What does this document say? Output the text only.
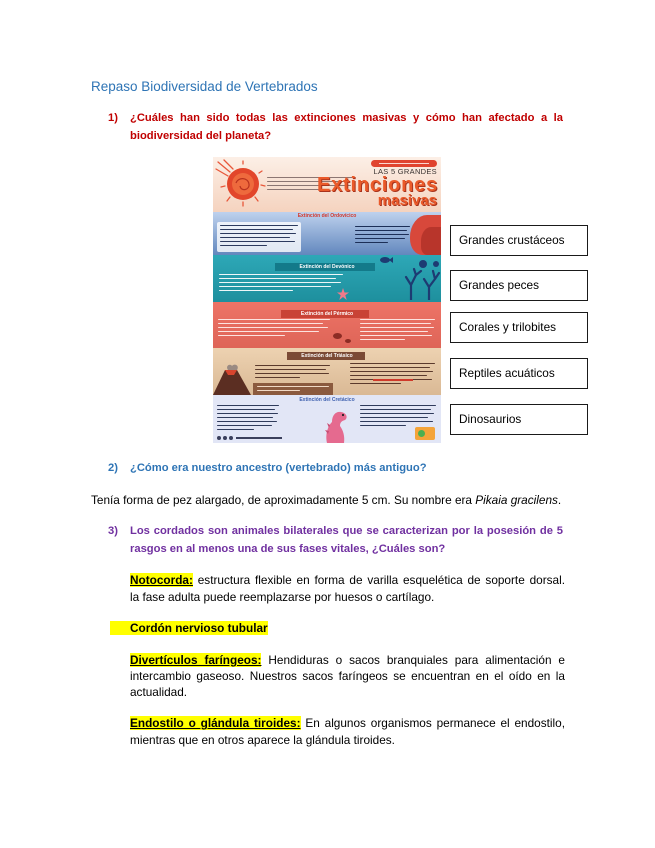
Repaso Biodiversidad de Vertebrados
1) ¿Cuáles han sido todas las extinciones masivas y cómo han afectado a la
biodiversidad del planeta?
LAS 5 GRANDES
Extinciones
masivas
Extinción del Ordovícico
Extinción del Devónico
Extinción del Pérmico
Extinción del Triásico
Extinción del Cretácico
Grandes crustáceos
Grandes peces
Corales y trilobites
Reptiles acuáticos
Dinosaurios
2) ¿Cómo era nuestro ancestro (vertebrado) más antiguo?
Tenía forma de pez alargado, de aproximadamente 5 cm. Su nombre era Pikaia gracilens.
3) Los cordados son animales bilaterales que se caracterizan por la posesión de 5
rasgos en al menos una de sus fases vitales, ¿Cuáles son?
Notocorda: estructura flexible en forma de varilla esquelética de soporte dorsal.
la fase adulta puede reemplazarse por huesos o cartílago.
Cordón nervioso tubular
Divertículos faríngeos: Hendiduras o sacos branquiales para alimentación e
intercambio gaseoso. Nuestros sacos faríngeos se encuentran en el oído en la
actualidad.
Endostilo o glándula tiroides: En algunos organismos permanece el endostilo,
mientras que en otros aparece la glándula tiroides.
